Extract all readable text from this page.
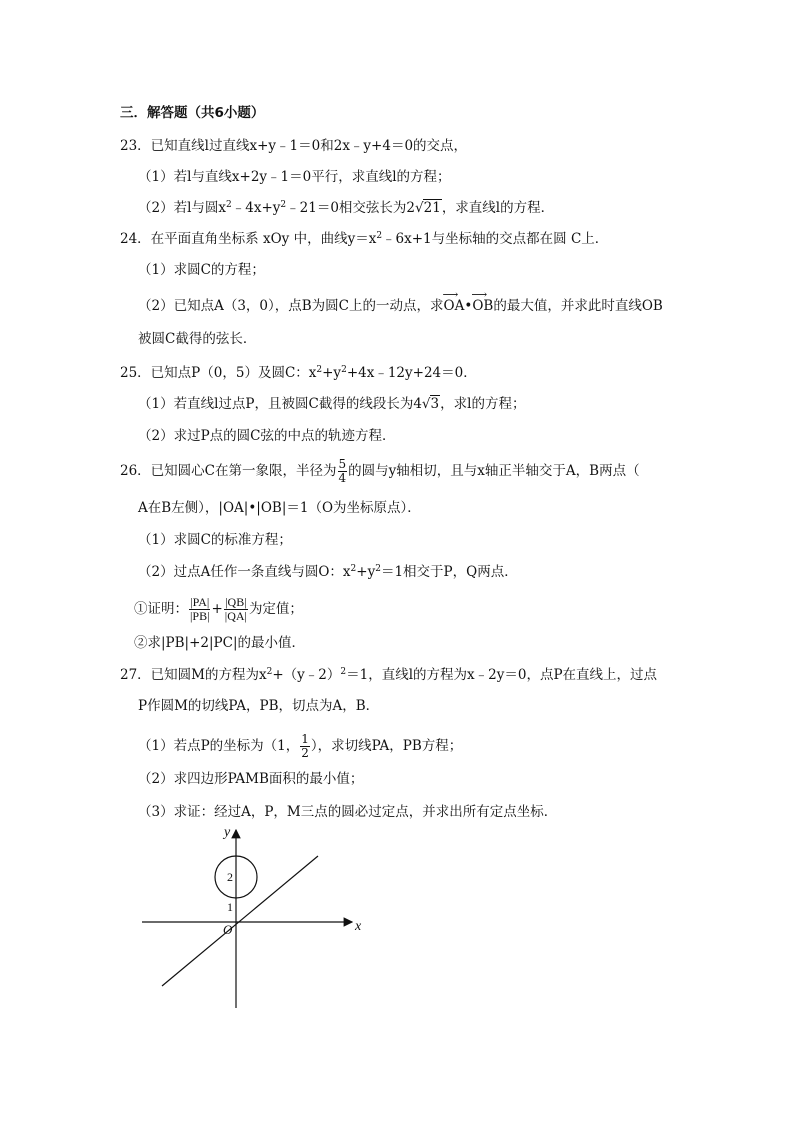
三．解答题（共6小题）
23．已知直线l过直线x+y﹣1＝0和2x﹣y+4＝0的交点，
（1）若l与直线x+2y﹣1＝0平行，求直线l的方程；
（2）若l与圆$x^2﹣4x+y^2﹣21=0$相交弦长为2√21，求直线l的方程．
24．在平面直角坐标系 xOy 中，曲线$y=x^2﹣6x+1$与坐标轴的交点都在圆 C上．
（1）求圆C的方程；
（2）已知点A（3，0），点B为圆C上的一动点，求⟶ OA•⟶ OB的最大值，并求此时直线OB
被圆C截得的弦长．
25．已知点P（0，5）及圆C：$x^2+y^2+4x﹣12y+24=0$．
（1）若直线l过点P，且被圆C截得的线段长为4√3，求l的方程；
（2）求过P点的圆C弦的中点的轨迹方程．
26．已知圆心C在第一象限，半径为 $\frac{5}{4}$ 的圆与y轴相切，且与x轴正半轴交于A，B两点（
A在B左侧），|OA|•|OB|＝1（O为坐标原点）．
（1）求圆C的标准方程；
（2）过点A任作一条直线与圆O：$x^2+y^2=1$相交于P，Q两点．
①证明： $\frac{|PA|}{|PB|} + \frac{|QB|}{|QA|}$ 为定值；
②求|PB|+2|PC|的最小值．
27．已知圆M的方程为$x^2+(y﹣2)^2=1$，直线l的方程为x﹣2y＝0，点P在直线上，过点
P作圆M的切线PA，PB，切点为A，B．
（1）若点P的坐标为（1， $\frac{1}{2}$ ），求切线PA，PB方程；
（2）求四边形PAMB面积的最小值；
（3）求证：经过A，P，M三点的圆必过定点，并求出所有定点坐标．
x
y
O
1
2
